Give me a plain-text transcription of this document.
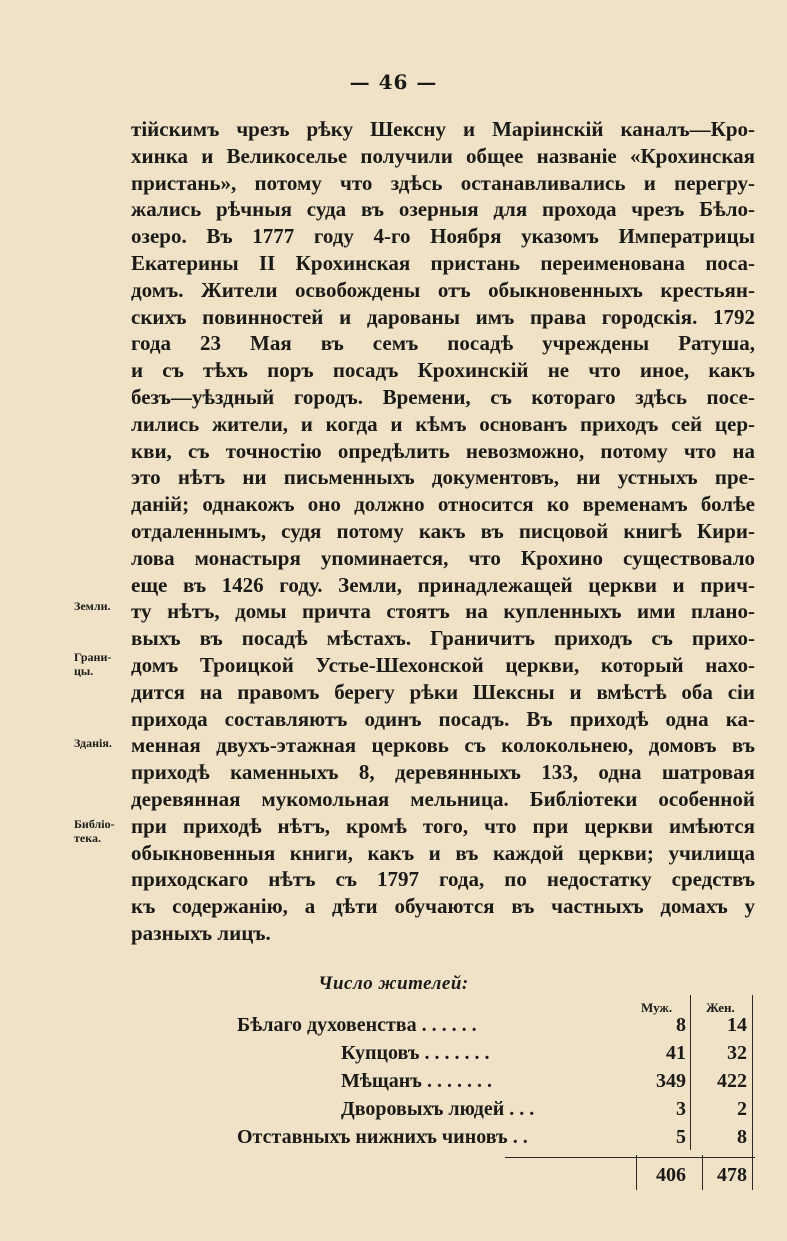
— 46 —
тійскимъ чрезъ рѣку Шексну и Маріинскій каналъ—Кро-
хинка и Великоселье получили общее названіе «Крохинская
пристань», потому что здѣсь останавливались и перегру-
жались рѣчныя суда въ озерныя для прохода чрезъ Бѣло-
озеро. Въ 1777 году 4-го Ноября указомъ Императрицы
Екатерины II Крохинская пристань переименована поса-
домъ. Жители освобождены отъ обыкновенныхъ крестьян-
скихъ повинностей и дарованы имъ права городскія. 1792
года 23 Мая въ семъ посадѣ учреждены Ратуша,
и съ тѣхъ поръ посадъ Крохинскій не что иное, какъ
безъ—уѣздный городъ. Времени, съ котораго здѣсь посе-
лились жители, и когда и кѣмъ основанъ приходъ сей цер-
кви, съ точностію опредѣлить невозможно, потому что на
это нѣтъ ни письменныхъ документовъ, ни устныхъ пре-
даній; однакожъ оно должно относится ко временамъ болѣе
отдаленнымъ, судя потому какъ въ писцовой книгѣ Кири-
лова монастыря упоминается, что Крохино существовало
еще въ 1426 году. Земли, принадлежащей церкви и прич-
ту нѣтъ, домы причта стоятъ на купленныхъ ими плано-
выхъ въ посадѣ мѣстахъ. Граничитъ приходъ съ прихо-
домъ Троицкой Устье-Шехонской церкви, который нахо-
дится на правомъ берегу рѣки Шексны и вмѣстѣ оба сіи
прихода составляютъ одинъ посадъ. Въ приходѣ одна ка-
менная двухъ-этажная церковь съ колокольнею, домовъ въ
приходѣ каменныхъ 8, деревянныхъ 133, одна шатровая
деревянная мукомольная мельница. Библіотеки особенной
при приходѣ нѣтъ, кромѣ того, что при церкви имѣются
обыкновенныя книги, какъ и въ каждой церкви; училища
приходскаго нѣтъ съ 1797 года, по недостатку средствъ
къ содержанію, а дѣти обучаются въ частныхъ домахъ у
разныхъ лицъ.
Земли.
Грани-
цы.
Зданія.
Библіо-
тека.
Число жителей:
Муж.	Жен.
Бѣлаго духовенства . . . . . .	8	14
Купцовъ . . . . . . .	41	32
Мѣщанъ . . . . . . .	349	422
Дворовыхъ людей . . .	3	2
Отставныхъ нижнихъ чиновъ . .	5	8
406	478
